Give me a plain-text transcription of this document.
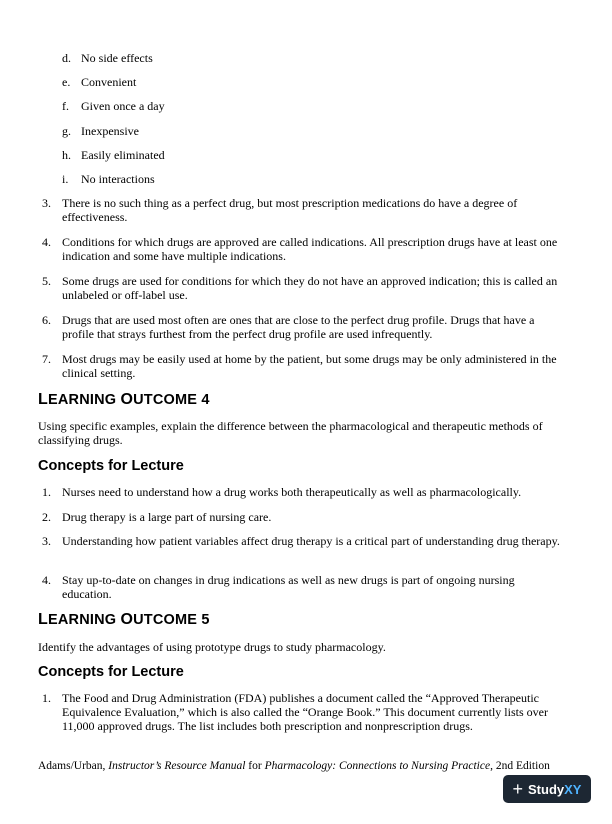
d. No side effects
e. Convenient
f.	Given once a day
g. Inexpensive
h. Easily eliminated
i.	No interactions
3. There is no such thing as a perfect drug, but most prescription medications do have a degree of effectiveness.
4. Conditions for which drugs are approved are called indications. All prescription drugs have at least one indication and some have multiple indications.
5. Some drugs are used for conditions for which they do not have an approved indication; this is called an unlabeled or off-label use.
6. Drugs that are used most often are ones that are close to the perfect drug profile. Drugs that have a profile that strays furthest from the perfect drug profile are used infrequently.
7. Most drugs may be easily used at home by the patient, but some drugs may be only administered in the clinical setting.
LEARNING OUTCOME 4
Using specific examples, explain the difference between the pharmacological and therapeutic methods of classifying drugs.
Concepts for Lecture
1. Nurses need to understand how a drug works both therapeutically as well as pharmacologically.
2. Drug therapy is a large part of nursing care.
3. Understanding how patient variables affect drug therapy is a critical part of understanding drug therapy.
4. Stay up-to-date on changes in drug indications as well as new drugs is part of ongoing nursing education.
LEARNING OUTCOME 5
Identify the advantages of using prototype drugs to study pharmacology.
Concepts for Lecture
1. The Food and Drug Administration (FDA) publishes a document called the “Approved Therapeutic Equivalence Evaluation,” which is also called the “Orange Book.” This document currently lists over 11,000 approved drugs. The list includes both prescription and nonprescription drugs.
Adams/Urban, Instructor’s Resource Manual for Pharmacology: Connections to Nursing Practice, 2nd Edition
+ Study XY
